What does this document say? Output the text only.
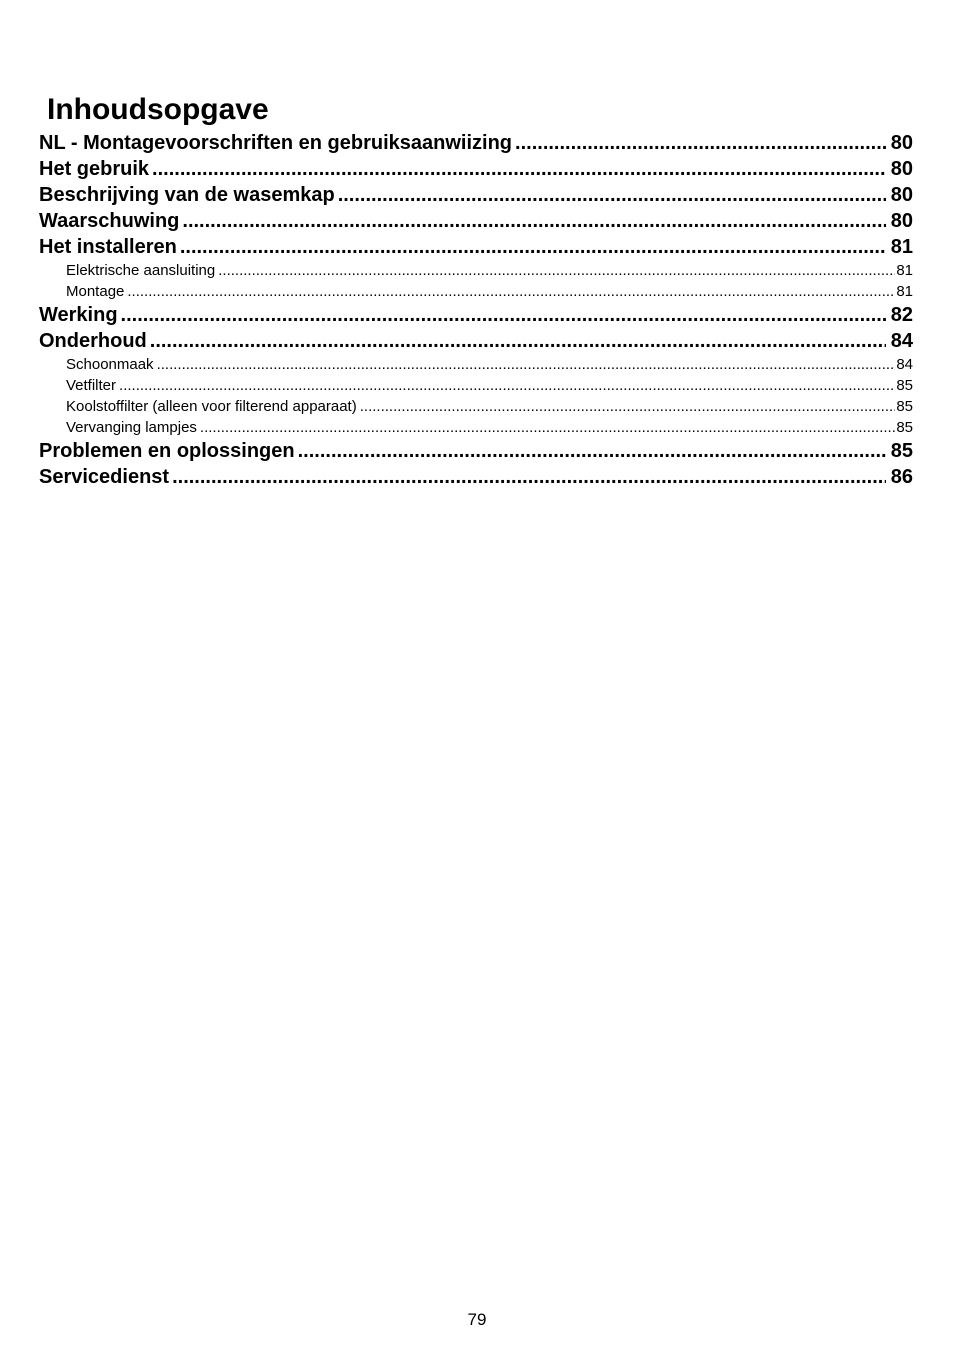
Inhoudsopgave
NL - Montagevoorschriften en gebruiksaanwiizing .....	80
Het gebruik .....	80
Beschrijving van de wasemkap .....	80
Waarschuwing .....	80
Het installeren .....	81
Elektrische aansluiting .....	81
Montage .....	81
Werking .....	82
Onderhoud .....	84
Schoonmaak .....	84
Vetfilter .....	85
Koolstoffilter (alleen voor filterend apparaat) .....	85
Vervanging lampjes .....	85
Problemen en oplossingen .....	85
Servicedienst .....	86
79
